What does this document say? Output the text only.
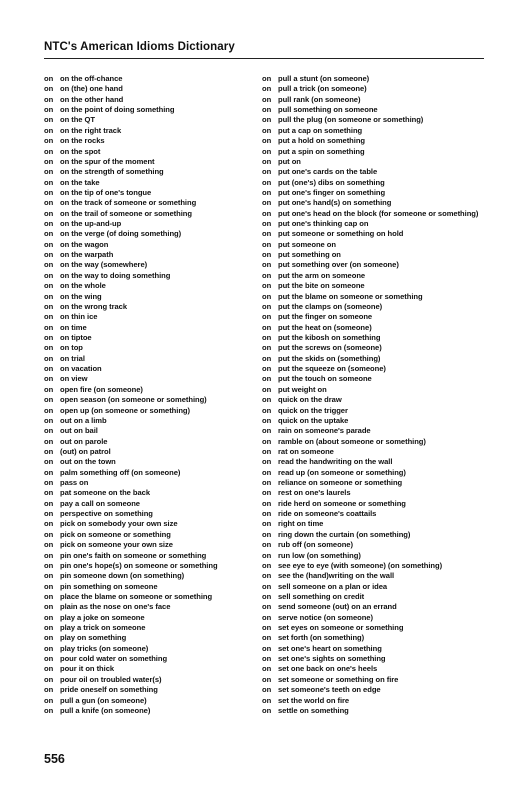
NTC's American Idioms Dictionary
on on the off-chance
on on (the) one hand
on on the other hand
on on the point of doing something
on on the QT
on on the right track
on on the rocks
on on the spot
on on the spur of the moment
on on the strength of something
on on the take
on on the tip of one's tongue
on on the track of someone or something
on on the trail of someone or something
on on the up-and-up
on on the verge (of doing something)
on on the wagon
on on the warpath
on on the way (somewhere)
on on the way to doing something
on on the whole
on on the wing
on on the wrong track
on on thin ice
on on time
on on tiptoe
on on top
on on trial
on on vacation
on on view
on open fire (on someone)
on open season (on someone or something)
on open up (on someone or something)
on out on a limb
on out on bail
on out on parole
on (out) on patrol
on out on the town
on palm something off (on someone)
on pass on
on pat someone on the back
on pay a call on someone
on perspective on something
on pick on somebody your own size
on pick on someone or something
on pick on someone your own size
on pin one's faith on someone or something
on pin one's hope(s) on someone or something
on pin someone down (on something)
on pin something on someone
on place the blame on someone or something
on plain as the nose on one's face
on play a joke on someone
on play a trick on someone
on play on something
on play tricks (on someone)
on pour cold water on something
on pour it on thick
on pour oil on troubled water(s)
on pride oneself on something
on pull a gun (on someone)
on pull a knife (on someone)
on pull a stunt (on someone)
on pull a trick (on someone)
on pull rank (on someone)
on pull something on someone
on pull the plug (on someone or something)
on put a cap on something
on put a hold on something
on put a spin on something
on put on
on put one's cards on the table
on put (one's) dibs on something
on put one's finger on something
on put one's hand(s) on something
on put one's head on the block (for someone or something)
on put one's thinking cap on
on put someone or something on hold
on put someone on
on put something on
on put something over (on someone)
on put the arm on someone
on put the bite on someone
on put the blame on someone or something
on put the clamps on (someone)
on put the finger on someone
on put the heat on (someone)
on put the kibosh on something
on put the screws on (someone)
on put the skids on (something)
on put the squeeze on (someone)
on put the touch on someone
on put weight on
on quick on the draw
on quick on the trigger
on quick on the uptake
on rain on someone's parade
on ramble on (about someone or something)
on rat on someone
on read the handwriting on the wall
on read up (on someone or something)
on reliance on someone or something
on rest on one's laurels
on ride herd on someone or something
on ride on someone's coattails
on right on time
on ring down the curtain (on something)
on rub off (on someone)
on run low (on something)
on see eye to eye (with someone) (on something)
on see the (hand)writing on the wall
on sell someone on a plan or idea
on sell something on credit
on send someone (out) on an errand
on serve notice (on someone)
on set eyes on someone or something
on set forth (on something)
on set one's heart on something
on set one's sights on something
on set one back on one's heels
on set someone or something on fire
on set someone's teeth on edge
on set the world on fire
on settle on something
556
